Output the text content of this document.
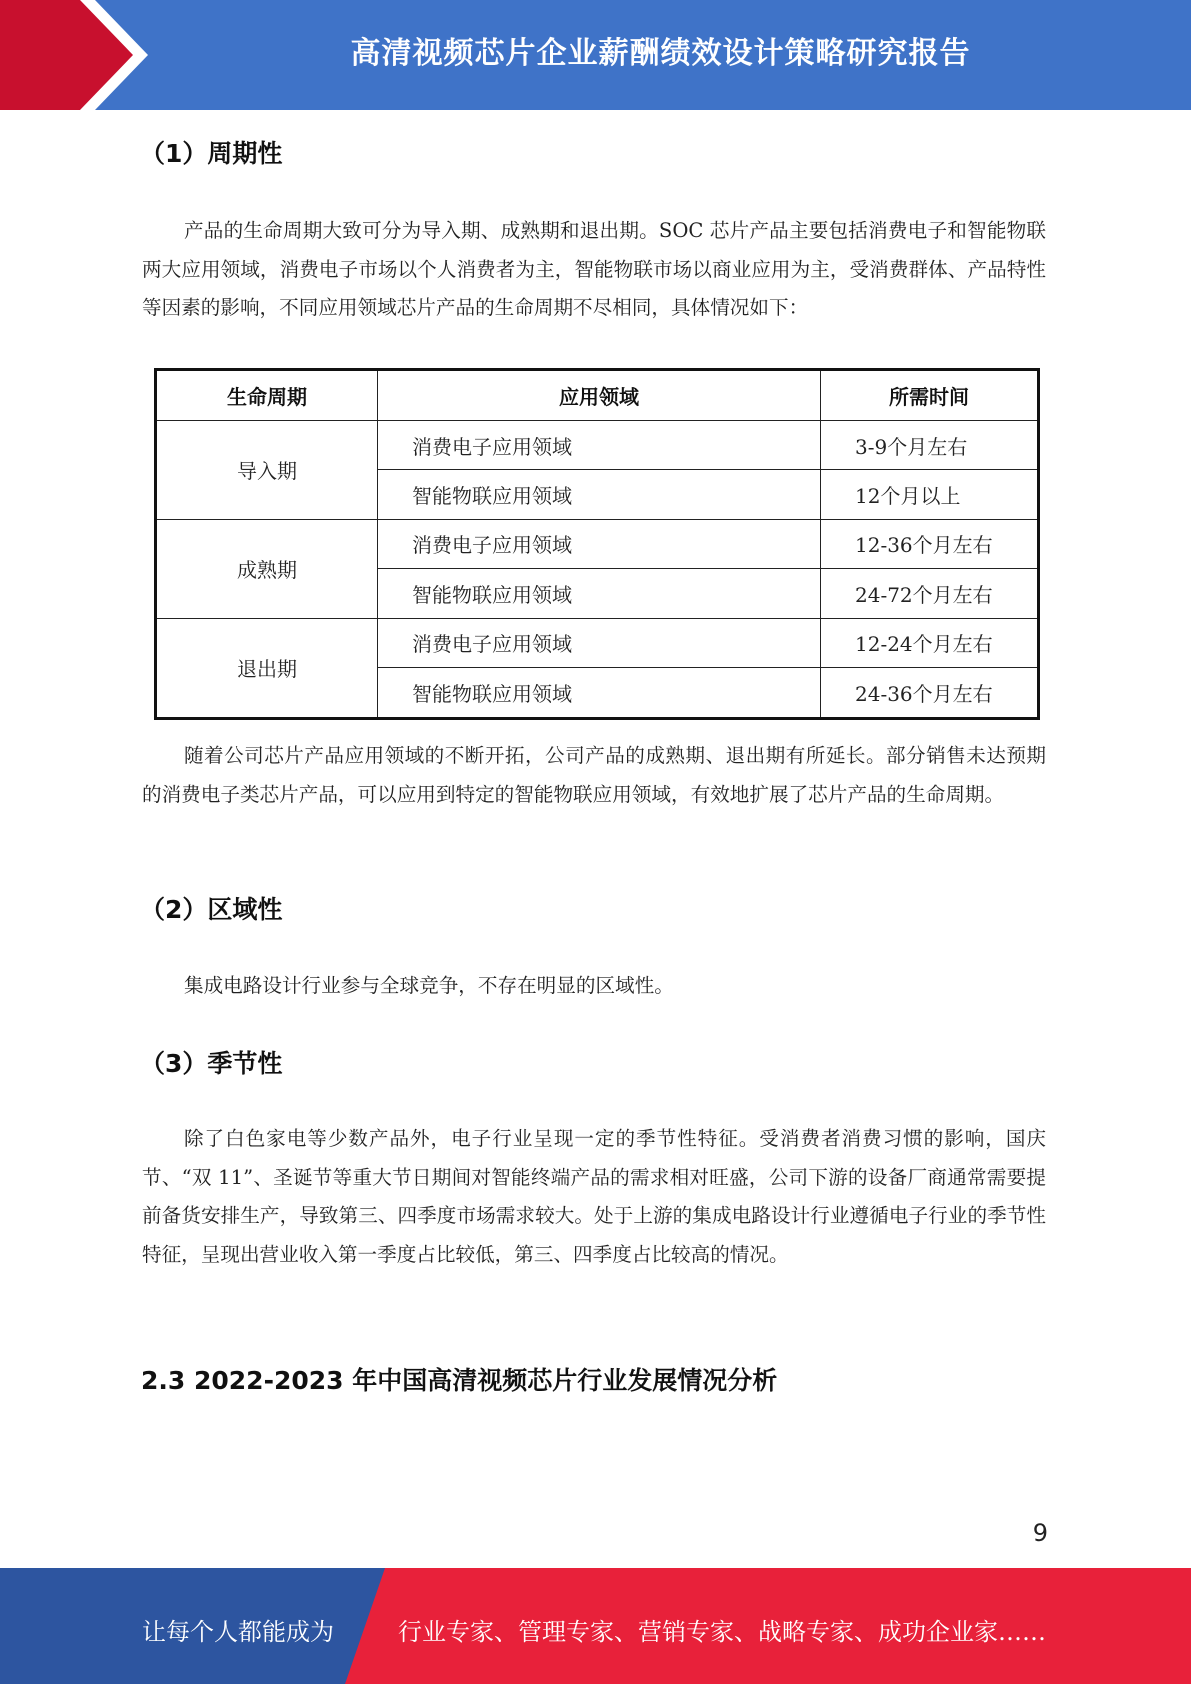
高清视频芯片企业薪酬绩效设计策略研究报告
（1）周期性
产品的生命周期大致可分为导入期、成熟期和退出期。SOC 芯片产品主要包括消费电子和智能物联两大应用领域，消费电子市场以个人消费者为主，智能物联市场以商业应用为主，受消费群体、产品特性等因素的影响，不同应用领域芯片产品的生命周期不尽相同，具体情况如下：
生命周期	应用领域	所需时间
导入期	消费电子应用领域	3-9个月左右
	智能物联应用领域	12个月以上
成熟期	消费电子应用领域	12-36个月左右
	智能物联应用领域	24-72个月左右
退出期	消费电子应用领域	12-24个月左右
	智能物联应用领域	24-36个月左右
随着公司芯片产品应用领域的不断开拓，公司产品的成熟期、退出期有所延长。部分销售未达预期的消费电子类芯片产品，可以应用到特定的智能物联应用领域，有效地扩展了芯片产品的生命周期。
（2）区域性
集成电路设计行业参与全球竞争，不存在明显的区域性。
（3）季节性
除了白色家电等少数产品外，电子行业呈现一定的季节性特征。受消费者消费习惯的影响，国庆节、“双 11”、圣诞节等重大节日期间对智能终端产品的需求相对旺盛，公司下游的设备厂商通常需要提前备货安排生产，导致第三、四季度市场需求较大。处于上游的集成电路设计行业遵循电子行业的季节性特征，呈现出营业收入第一季度占比较低，第三、四季度占比较高的情况。
2.3 2022-2023 年中国高清视频芯片行业发展情况分析
9
让每个人都能成为	行业专家、管理专家、营销专家、战略专家、成功企业家……
